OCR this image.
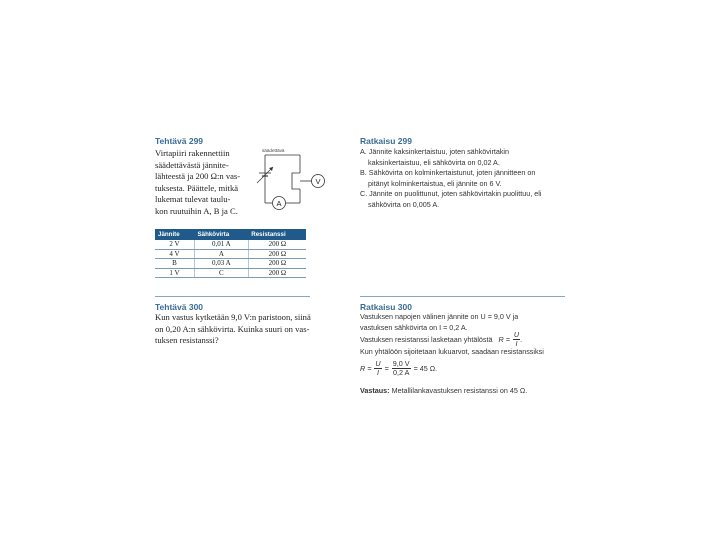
Tehtävä 299
Virtapiiri rakennettiin
säädettävästä jännite-
lähteestä ja 200 Ω:n vas-
tuksesta. Päättele, mitkä
lukemat tulevat taulu-
kon ruutuihin A, B ja C.
säädettävä
V
A
Jännite	Sähkövirta	Resistanssi
2 V	0,01 A	200 Ω
4 V	A	200 Ω
B	0,03 A	200 Ω
1 V	C	200 Ω
Ratkaisu 299
A. Jännite kaksinkertaistuu, joten sähkövirtakin
kaksinkertaistuu, eli sähkövirta on 0,02 A.
B. Sähkövirta on kolminkertaistunut, joten jännitteen on
pitänyt kolminkertaistua, eli jännite on 6 V.
C. Jännite on puolittunut, joten sähkövirtakin puolittuu, eli
sähkövirta on 0,005 A.
Tehtävä 300
Kun vastus kytketään 9,0 V:n paristoon, siinä
on 0,20 A:n sähkövirta. Kuinka suuri on vas-
tuksen resistanssi?
Ratkaisu 300
Vastuksen napojen välinen jännite on U = 9,0 V ja
vastuksen sähkövirta on I = 0,2 A.
Vastuksen resistanssi lasketaan yhtälöstä $R = \frac{U}{I}$ .
Kun yhtälöön sijoitetaan lukuarvot, saadaan resistanssiksi
$R = \frac{U}{I} = \frac{9,0 V}{0,2 A} = 45$ Ω.
Vastaus: Metallilankavastuksen resistanssi on 45 Ω.
